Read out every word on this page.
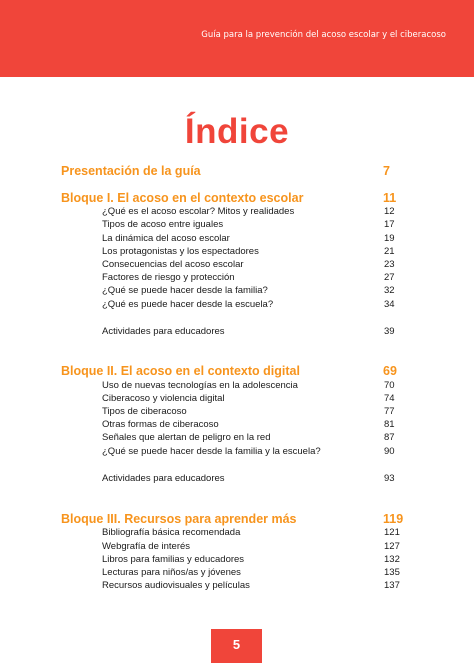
Guía para la prevención del acoso escolar y el ciberacoso
Índice
Presentación de la guía	7
Bloque I. El acoso en el contexto escolar	11
¿Qué es el acoso escolar? Mitos y realidades	12
Tipos de acoso entre iguales	17
La dinámica del acoso escolar	19
Los protagonistas y los espectadores	21
Consecuencias del acoso escolar	23
Factores de riesgo y protección	27
¿Qué se puede hacer desde la familia?	32
¿Qué es puede hacer desde la escuela?	34
Actividades para educadores	39
Bloque II. El acoso en el contexto digital	69
Uso de nuevas tecnologías en la adolescencia	70
Ciberacoso y violencia digital	74
Tipos de ciberacoso	77
Otras formas de ciberacoso	81
Señales que alertan de peligro en la red	87
¿Qué se puede hacer desde la familia y la escuela?	90
Actividades para educadores	93
Bloque III. Recursos para aprender más	119
Bibliografía básica recomendada	121
Webgrafía de interés	127
Libros para familias y educadores	132
Lecturas para niños/as y jóvenes	135
Recursos audiovisuales y películas	137
5
